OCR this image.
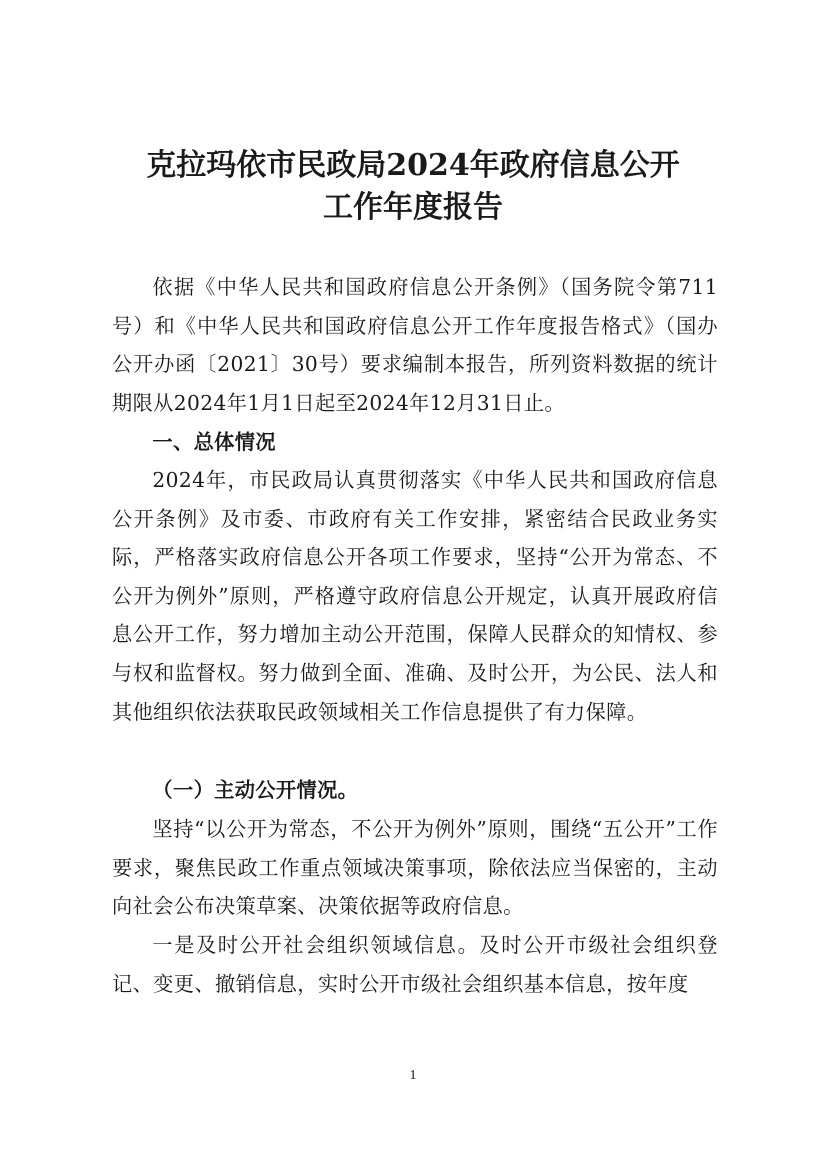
克拉玛依市民政局2024年政府信息公开
工作年度报告

依据《中华人民共和国政府信息公开条例》（国务院令第711号）和《中华人民共和国政府信息公开工作年度报告格式》（国办公开办函〔2021〕30号）要求编制本报告，所列资料数据的统计期限从2024年1月1日起至2024年12月31日止。

一、总体情况

2024年，市民政局认真贯彻落实《中华人民共和国政府信息公开条例》及市委、市政府有关工作安排，紧密结合民政业务实际，严格落实政府信息公开各项工作要求，坚持“公开为常态、不公开为例外”原则，严格遵守政府信息公开规定，认真开展政府信息公开工作，努力增加主动公开范围，保障人民群众的知情权、参与权和监督权。努力做到全面、准确、及时公开，为公民、法人和其他组织依法获取民政领域相关工作信息提供了有力保障。

（一）主动公开情况。

坚持“以公开为常态，不公开为例外”原则，围绕“五公开”工作要求，聚焦民政工作重点领域决策事项，除依法应当保密的，主动向社会公布决策草案、决策依据等政府信息。

一是及时公开社会组织领域信息。及时公开市级社会组织登记、变更、撤销信息，实时公开市级社会组织基本信息，按年度

1
